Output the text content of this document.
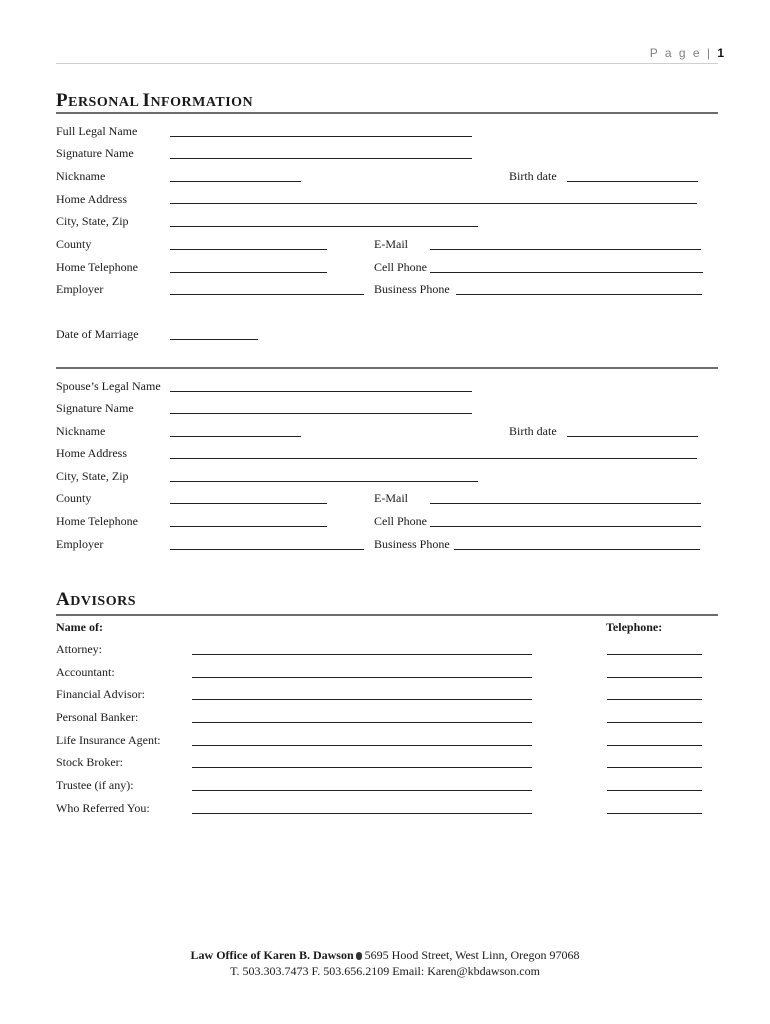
P a g e | 1
PERSONAL INFORMATION
Full Legal Name
Signature Name
Nickname	Birth date
Home Address
City, State, Zip
County	E-Mail
Home Telephone	Cell Phone
Employer	Business Phone
Date of Marriage
Spouse’s Legal Name
Signature Name
Nickname	Birth date
Home Address
City, State, Zip
County	E-Mail
Home Telephone	Cell Phone
Employer	Business Phone
ADVISORS
Name of:	Telephone:
Attorney:
Accountant:
Financial Advisor:
Personal Banker:
Life Insurance Agent:
Stock Broker:
Trustee (if any):
Who Referred You:
Law Office of Karen B. Dawson 5695 Hood Street, West Linn, Oregon 97068
T. 503.303.7473 F. 503.656.2109 Email: Karen@kbdawson.com
